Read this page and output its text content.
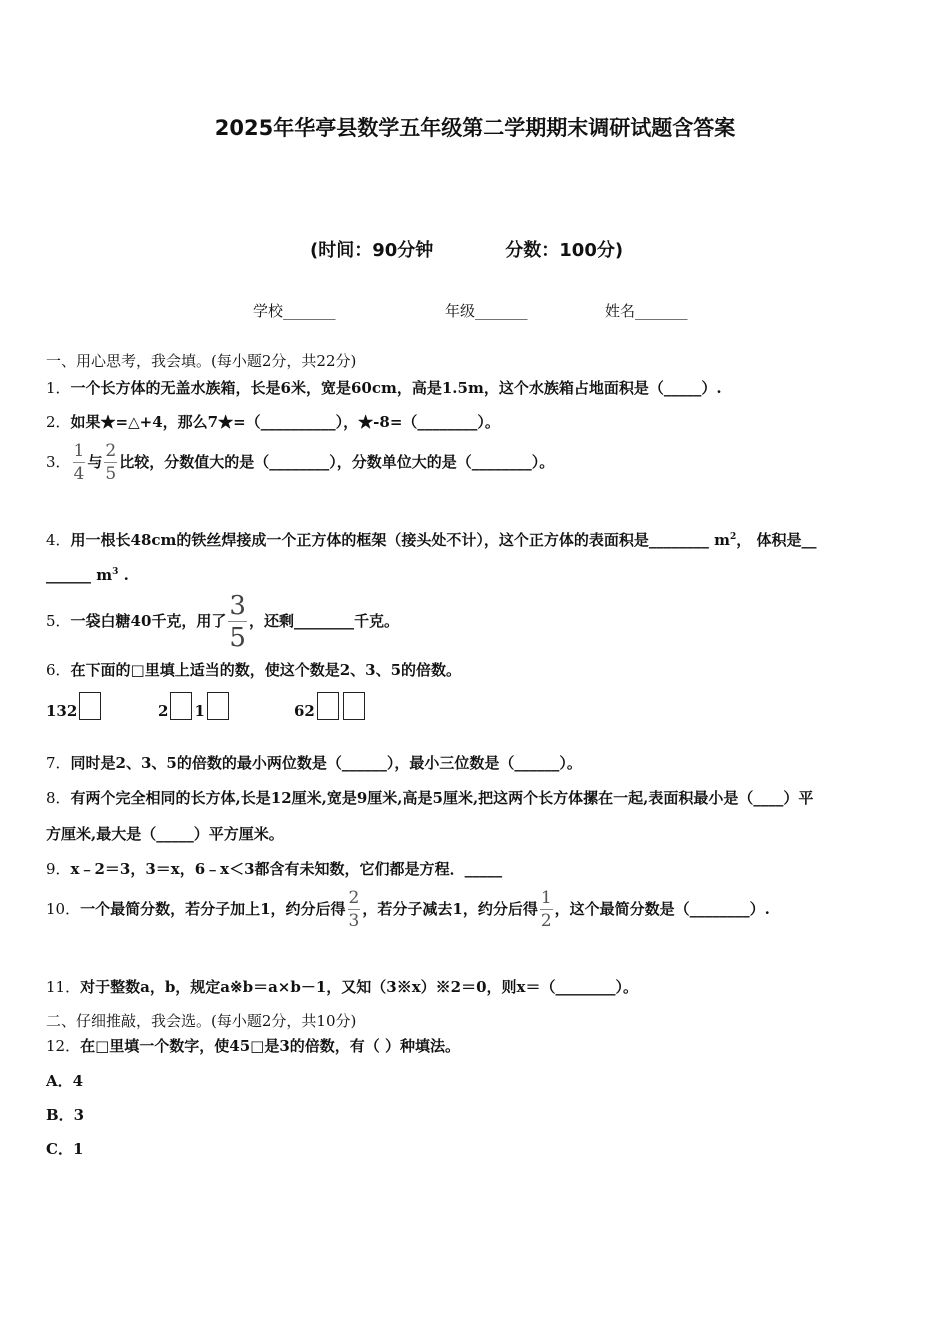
2025年华亭县数学五年级第二学期期末调研试题含答案
(时间：90分钟	分数：100分)
学校_______	年级_______	姓名_______
一、用心思考，我会填。(每小题2分，共22分)
1．一个长方体的无盖水族箱，长是6米，宽是60cm，高是1.5m，这个水族箱占地面积是（_____）.
2．如果★=△+4，那么7★=（__________），★-8=（________）。
3． $\frac{1}{4}$ 与 $\frac{2}{5}$ 比较，分数值大的是（________），分数单位大的是（________）。
4．用一根长48cm的铁丝焊接成一个正方体的框架（接头处不计），这个正方体的表面积是________ $m^2$， 体积是__
______ $m^3$ .
5．一袋白糖40千克，用了 $\frac{3}{5}$ ，还剩________千克。
6．在下面的□里填上适当的数，使这个数是2、3、5的倍数。
132	2 1	62
7．同时是2、3、5的倍数的最小两位数是（______），最小三位数是（______）。
8．有两个完全相同的长方体,长是12厘米,宽是9厘米,高是5厘米,把这两个长方体摞在一起,表面积最小是（____）平
方厘米,最大是（_____）平方厘米。
9．x﹣2＝3，3＝x，6﹣x＜3都含有未知数，它们都是方程．_____
10．一个最简分数，若分子加上1，约分后得 $\frac{2}{3}$ ，若分子减去1，约分后得 $\frac{1}{2}$ ，这个最简分数是（________）.
11．对于整数a，b，规定a※b＝a×b－1，又知（3※x）※2＝0，则x＝（________）。
二、仔细推敲，我会选。(每小题2分，共10分)
12．在□里填一个数字，使45□是3的倍数，有（ ）种填法。
A．4
B．3
C．1
